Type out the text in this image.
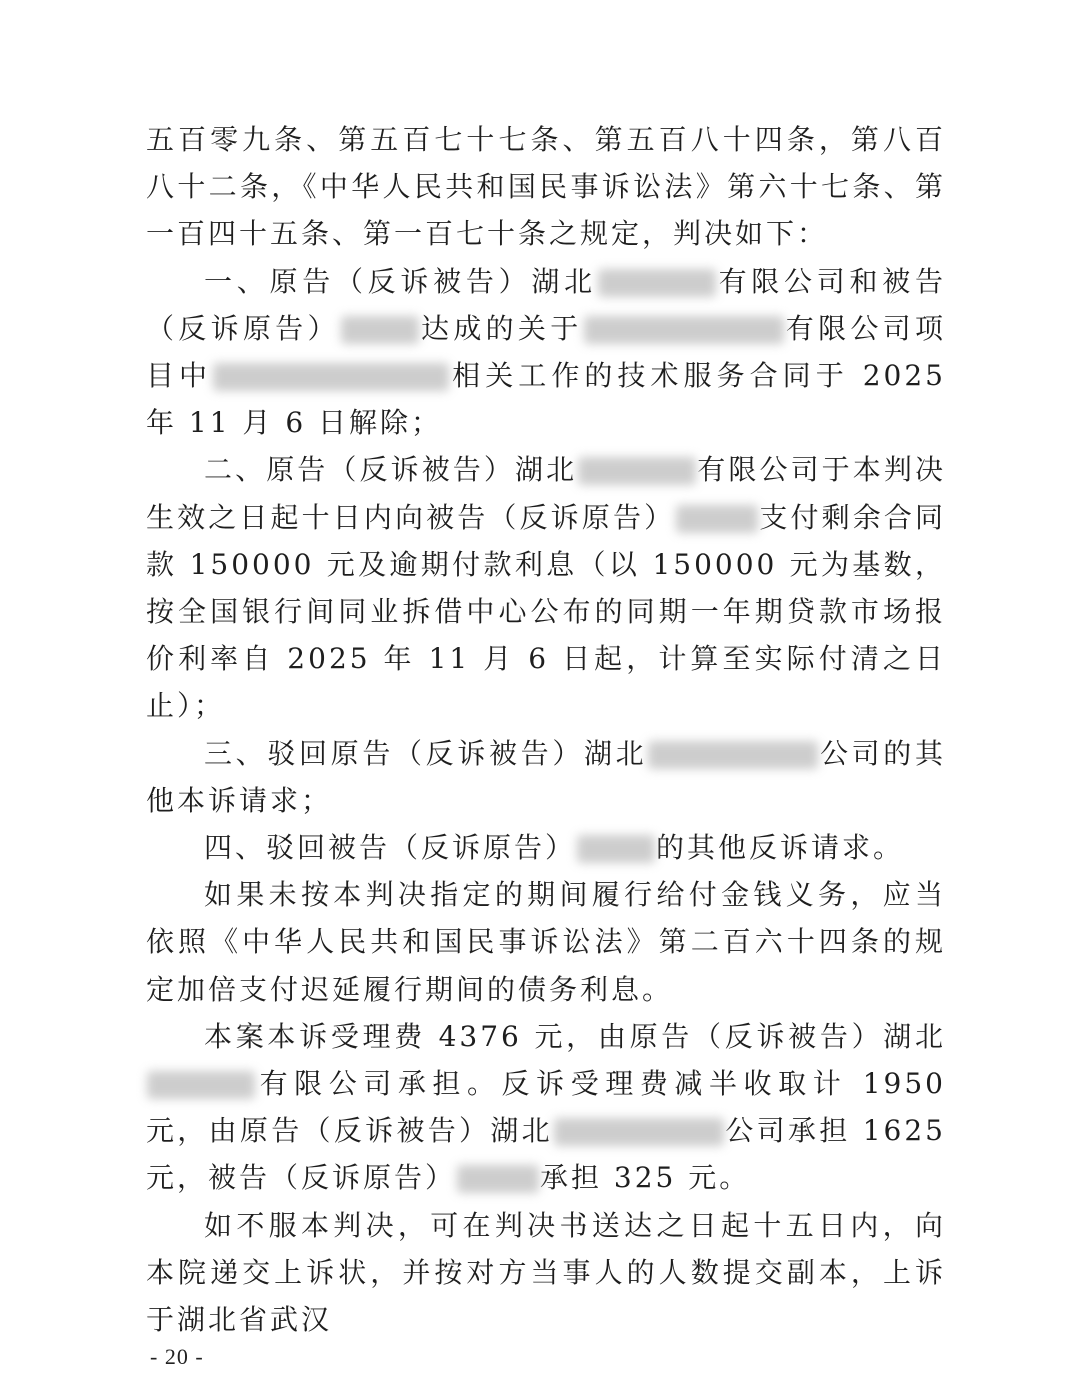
五百零九条、第五百七十七条、第五百八十四条，第八百八十二条，《中华人民共和国民事诉讼法》第六十七条、第一百四十五条、第一百七十条之规定，判决如下：

一、原告（反诉被告）湖北	有限公司和被告（反诉原告）	达成的关于	有限公司项目中	相关工作的技术服务合同于 2025 年 11 月 6 日解除；

二、原告（反诉被告）湖北	有限公司于本判决生效之日起十日内向被告（反诉原告）	支付剩余合同款 150000 元及逾期付款利息（以 150000 元为基数，按全国银行间同业拆借中心公布的同期一年期贷款市场报价利率自 2025 年 11 月 6 日起，计算至实际付清之日止）；

三、驳回原告（反诉被告）湖北	公司的其他本诉请求；

四、驳回被告（反诉原告）	的其他反诉请求。

如果未按本判决指定的期间履行给付金钱义务，应当依照《中华人民共和国民事诉讼法》第二百六十四条的规定加倍支付迟延履行期间的债务利息。

本案本诉受理费 4376 元，由原告（反诉被告）湖北有限公司承担。反诉受理费减半收取计 1950 元，由原告（反诉被告）湖北	公司承担 1625 元，被告（反诉原告）	承担 325 元。

如不服本判决，可在判决书送达之日起十五日内，向本院递交上诉状，并按对方当事人的人数提交副本，上诉于湖北省武汉

- 20 -
